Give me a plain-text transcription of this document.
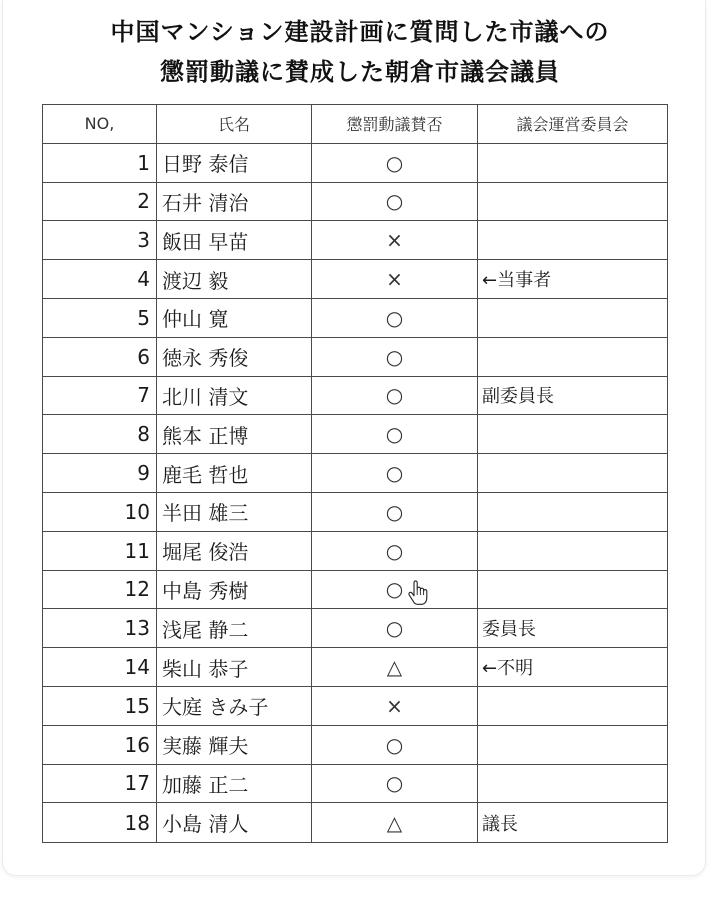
中国マンション建設計画に質問した市議への
懲罰動議に賛成した朝倉市議会議員
NO,	氏名	懲罰動議賛否	議会運営委員会
1 日野 泰信	○
2 石井 清治	○
3 飯田 早苗	×
4 渡辺 毅	×	←当事者
5 仲山 寛	○
6 徳永 秀俊	○
7 北川 清文	○	副委員長
8 熊本 正博	○
9 鹿毛 哲也	○
10 半田 雄三	○
11 堀尾 俊浩	○
12 中島 秀樹	○
13 浅尾 静二	○	委員長
14 柴山 恭子	△	←不明
15 大庭 きみ子	×
16 実藤 輝夫	○
17 加藤 正二	○
18 小島 清人	△	議長
